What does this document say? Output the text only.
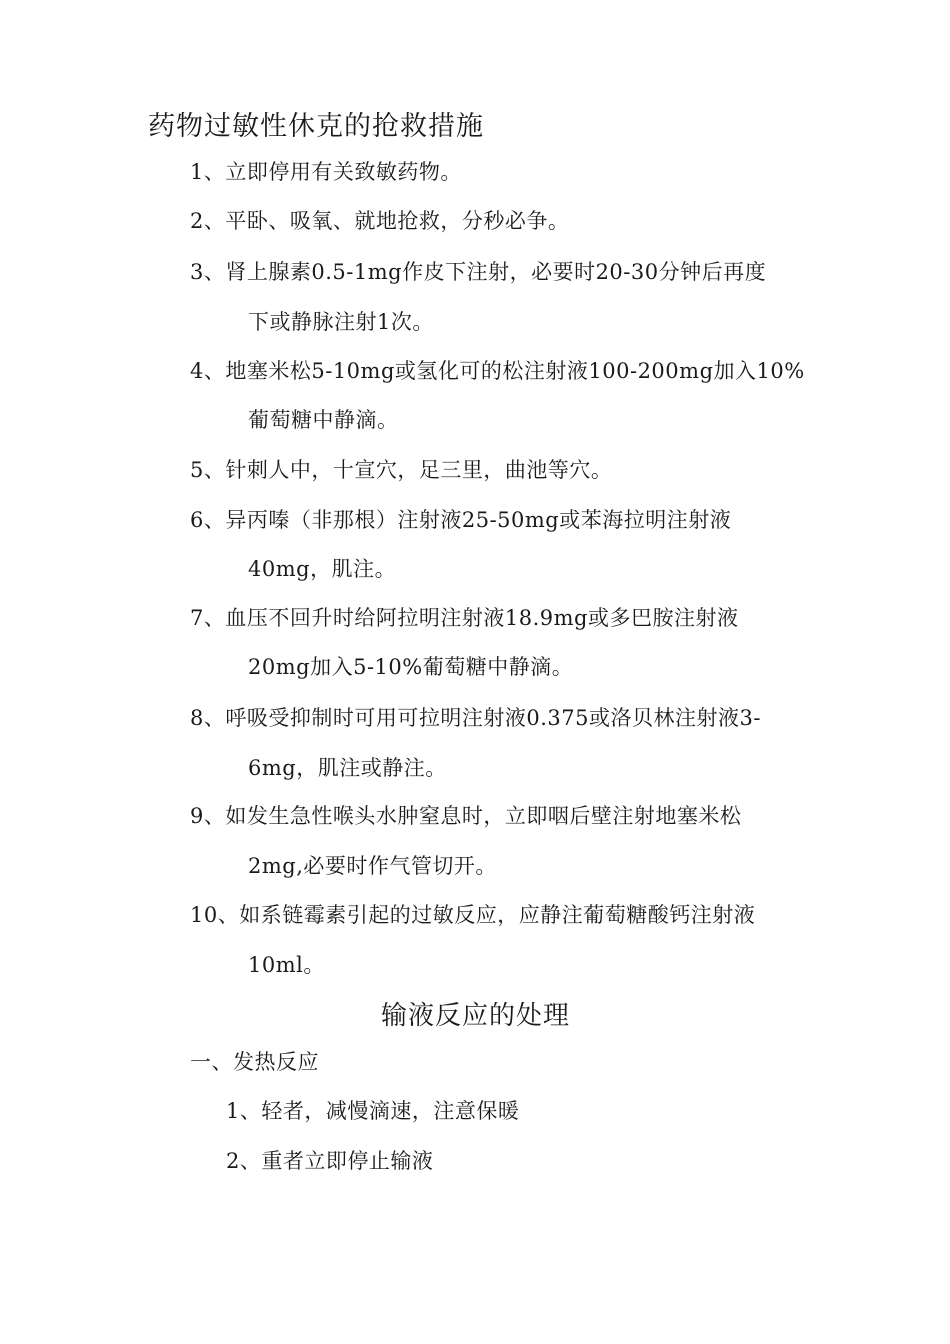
药物过敏性休克的抢救措施
1、立即停用有关致敏药物。
2、平卧、吸氧、就地抢救，分秒必争。
3、肾上腺素0.5-1mg作皮下注射，必要时20-30分钟后再度
下或静脉注射1次。
4、地塞米松5-10mg或氢化可的松注射液100-200mg加入10%
葡萄糖中静滴。
5、针刺人中，十宣穴，足三里，曲池等穴。
6、异丙嗪（非那根）注射液25-50mg或苯海拉明注射液
40mg，肌注。
7、血压不回升时给阿拉明注射液18.9mg或多巴胺注射液
20mg加入5-10%葡萄糖中静滴。
8、呼吸受抑制时可用可拉明注射液0.375或洛贝林注射液3-
6mg，肌注或静注。
9、如发生急性喉头水肿窒息时，立即咽后壁注射地塞米松
2mg,必要时作气管切开。
10、如系链霉素引起的过敏反应，应静注葡萄糖酸钙注射液
10ml。
输液反应的处理
一、发热反应
1、轻者，减慢滴速，注意保暖
2、重者立即停止输液
